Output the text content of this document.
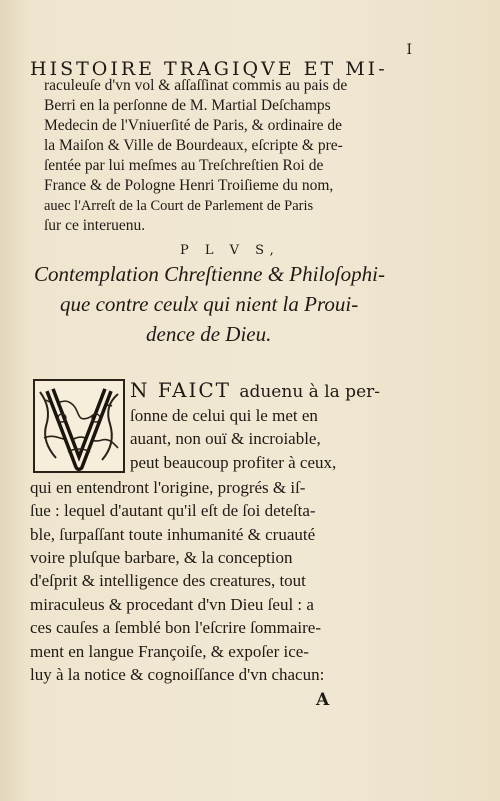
I
HISTOIRE TRAGIQVE ET MI-
raculeuſe d'vn vol & aſſaſſinat commis au pais de
Berri en la perſonne de M. Martial Deſchamps
Medecin de l'Vniuerſité de Paris, & ordinaire de
la Maiſon & Ville de Bourdeaux, eſcripte & pre-
ſentée par lui meſmes au Treſchreſtien Roi de
France & de Pologne Henri Troiſieme du nom,
auec l'Arreſt de la Court de Parlement de Paris
ſur ce interuenu.
P L V S,
Contemplation Chreſtienne & Philoſophi-
que contre ceulx qui nient la Proui-
dence de Dieu.
N FAICT aduenu à la per-
ſonne de celui qui le met en
auant, non ouï & incroiable,
peut beaucoup profiter à ceux,
qui en entendront l'origine, progrés & iſ-
ſue : lequel d'autant qu'il eſt de ſoi deteſta-
ble, ſurpaſſant toute inhumanité & cruauté
voire pluſque barbare, & la conception
d'eſprit & intelligence des creatures, tout
miraculeus & procedant d'vn Dieu ſeul : a
ces cauſes a ſemblé bon l'eſcrire ſommaire-
ment en langue Françoiſe, & expoſer ice-
luy à la notice & cognoiſſance d'vn chacun:
A
